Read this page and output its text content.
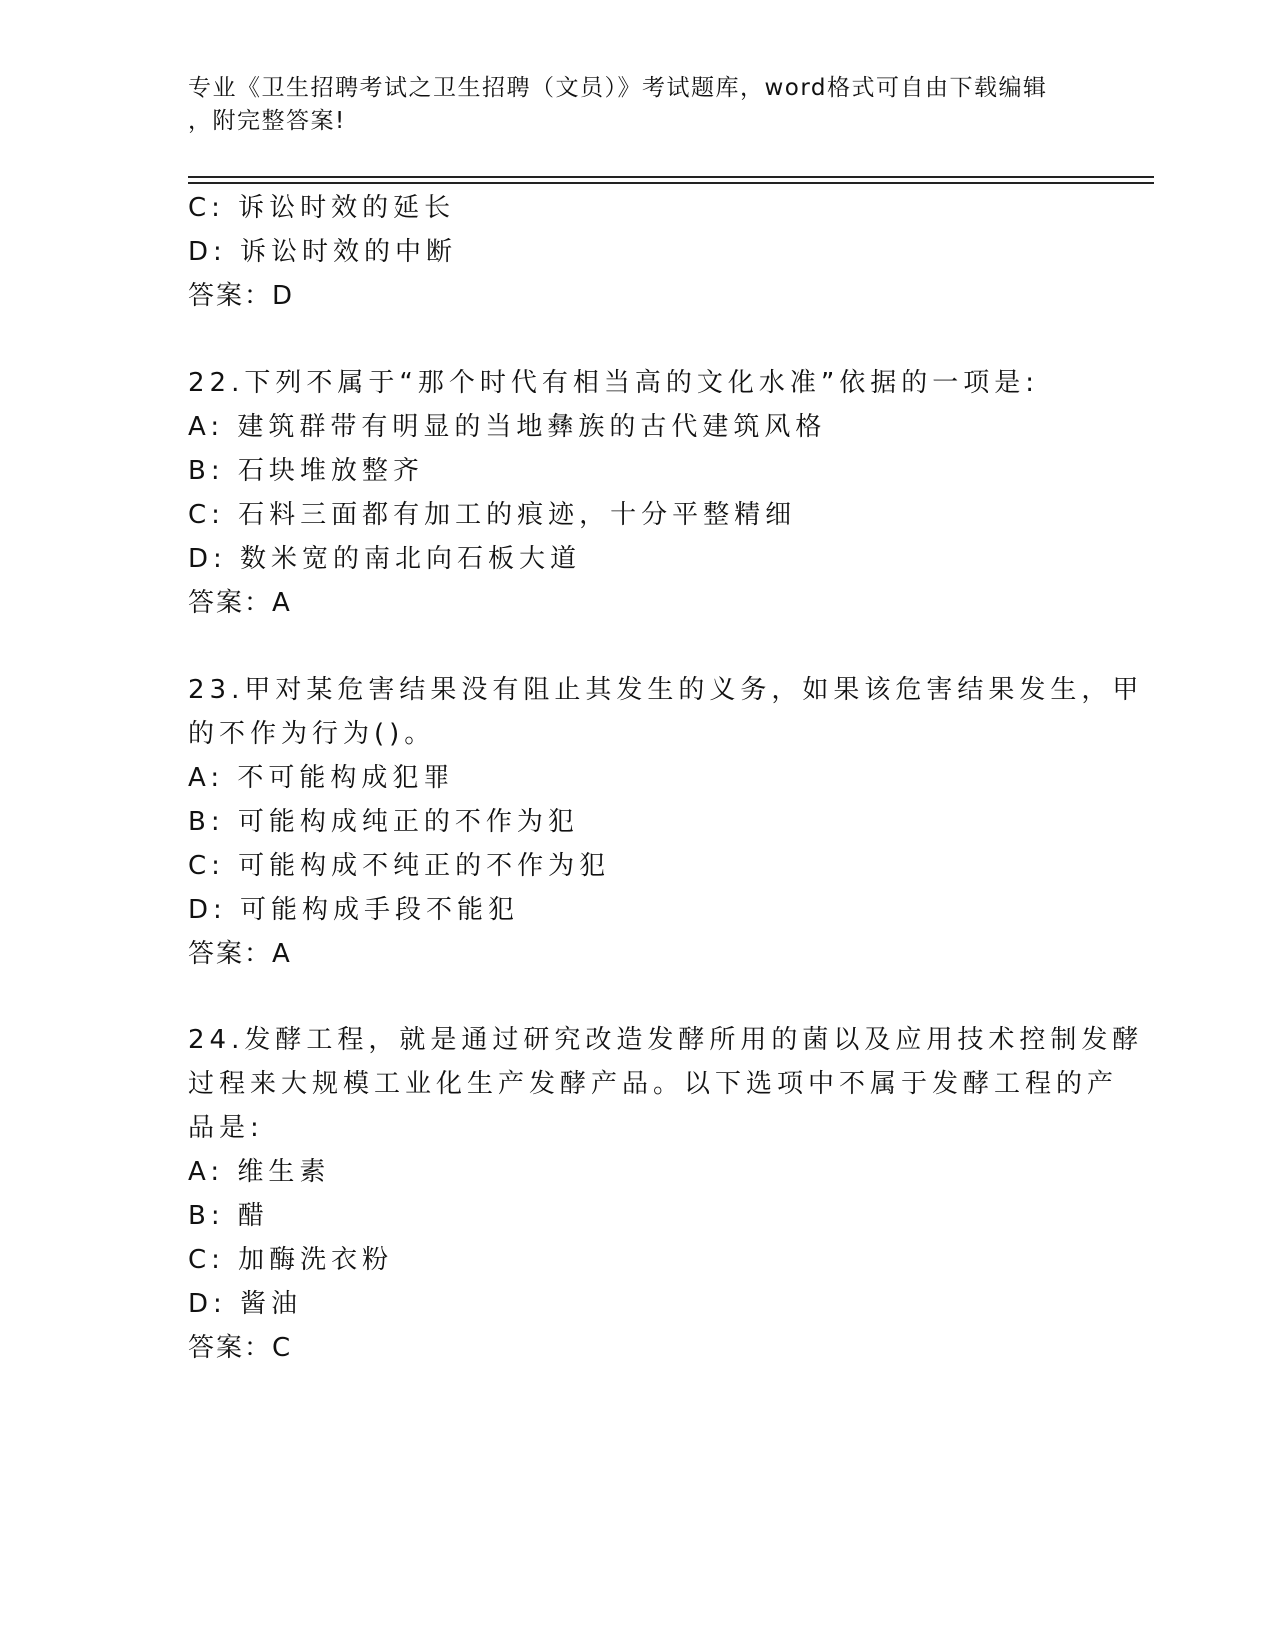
专业《卫生招聘考试之卫生招聘（文员）》考试题库，word格式可自由下载编辑
，附完整答案!
C: 诉讼时效的延长
D: 诉讼时效的中断
答案：D
22.下列不属于“那个时代有相当高的文化水准”依据的一项是:
A: 建筑群带有明显的当地彝族的古代建筑风格
B: 石块堆放整齐
C: 石料三面都有加工的痕迹，十分平整精细
D: 数米宽的南北向石板大道
答案：A
23.甲对某危害结果没有阻止其发生的义务，如果该危害结果发生，甲
的不作为行为()。
A: 不可能构成犯罪
B: 可能构成纯正的不作为犯
C: 可能构成不纯正的不作为犯
D: 可能构成手段不能犯
答案：A
24.发酵工程，就是通过研究改造发酵所用的菌以及应用技术控制发酵
过程来大规模工业化生产发酵产品。以下选项中不属于发酵工程的产
品是:
A: 维生素
B: 醋
C: 加酶洗衣粉
D: 酱油
答案：C
